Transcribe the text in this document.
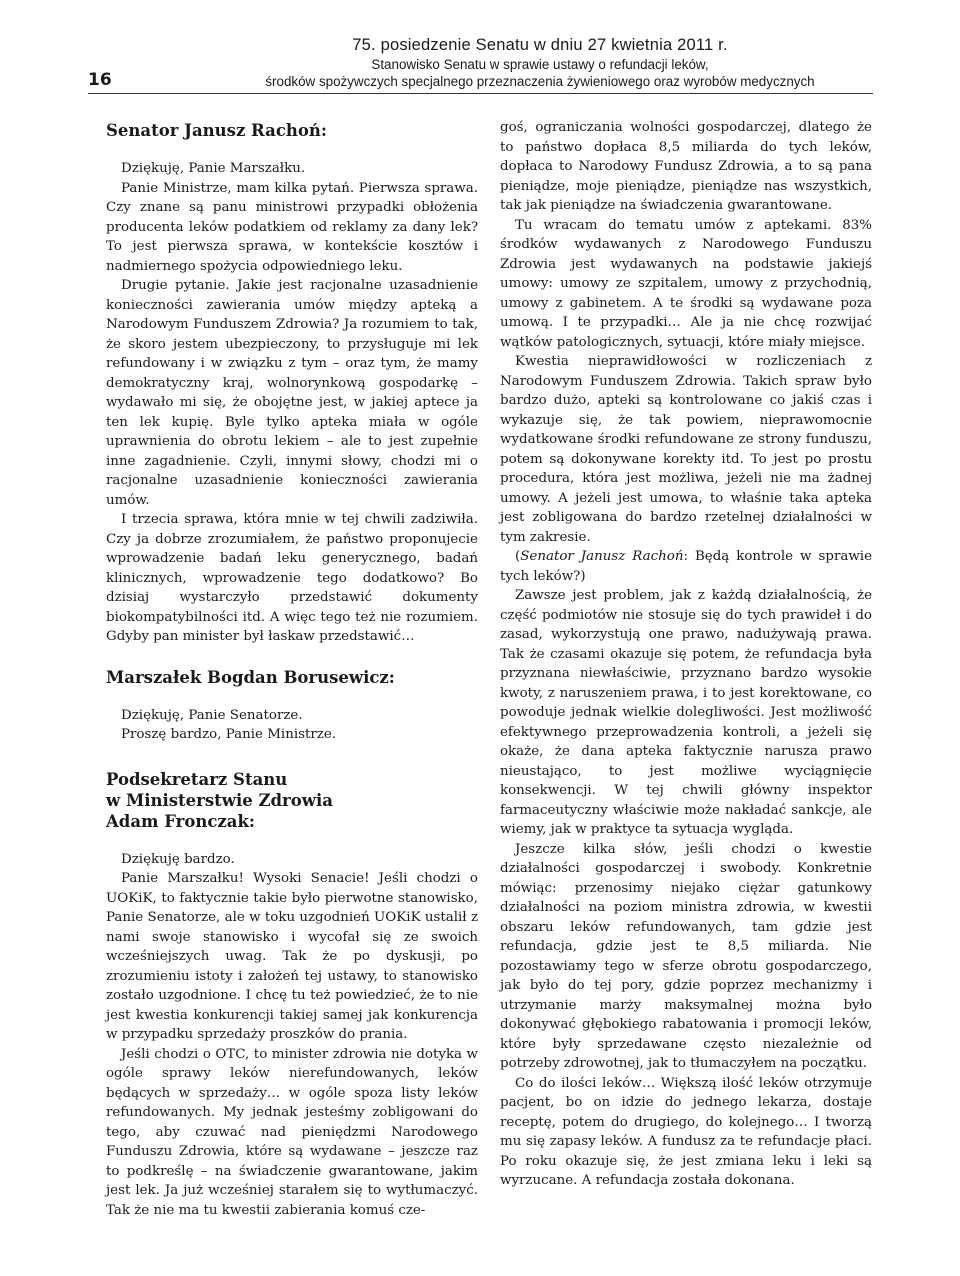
16
75. posiedzenie Senatu w dniu 27 kwietnia 2011 r.
Stanowisko Senatu w sprawie ustawy o refundacji leków,
środków spożywczych specjalnego przeznaczenia żywieniowego oraz wyrobów medycznych
Senator Janusz Rachoń:

Dziękuję, Panie Marszałku.

Panie Ministrze, mam kilka pytań. Pierwsza sprawa. Czy znane są panu ministrowi przypadki obłożenia producenta leków podatkiem od reklamy za dany lek? To jest pierwsza sprawa, w kontekście kosztów i nadmiernego spożycia odpowiedniego leku.

Drugie pytanie. Jakie jest racjonalne uzasadnienie konieczności zawierania umów między apteką a Narodowym Funduszem Zdrowia? Ja rozumiem to tak, że skoro jestem ubezpieczony, to przysługuje mi lek refundowany i w związku z tym – oraz tym, że mamy demokratyczny kraj, wolnorynkową gospodarkę – wydawało mi się, że obojętne jest, w jakiej aptece ja ten lek kupię. Byle tylko apteka miała w ogóle uprawnienia do obrotu lekiem – ale to jest zupełnie inne zagadnienie. Czyli, innymi słowy, chodzi mi o racjonalne uzasadnienie konieczności zawierania umów.

I trzecia sprawa, która mnie w tej chwili zadziwiła. Czy ja dobrze zrozumiałem, że państwo proponujecie wprowadzenie badań leku generycznego, badań klinicznych, wprowadzenie tego dodatkowo? Bo dzisiaj wystarczyło przedstawić dokumenty biokompatybilności itd. A więc tego też nie rozumiem. Gdyby pan minister był łaskaw przedstawić…

Marszałek Bogdan Borusewicz:

Dziękuję, Panie Senatorze.

Proszę bardzo, Panie Ministrze.

Podsekretarz Stanu
w Ministerstwie Zdrowia
Adam Fronczak:

Dziękuję bardzo.

Panie Marszałku! Wysoki Senacie! Jeśli chodzi o UOKiK, to faktycznie takie było pierwotne stanowisko, Panie Senatorze, ale w toku uzgodnień UOKiK ustalił z nami swoje stanowisko i wycofał się ze swoich wcześniejszych uwag. Tak że po dyskusji, po zrozumieniu istoty i założeń tej ustawy, to stanowisko zostało uzgodnione. I chcę tu też powiedzieć, że to nie jest kwestia konkurencji takiej samej jak konkurencja w przypadku sprzedaży proszków do prania.

Jeśli chodzi o OTC, to minister zdrowia nie dotyka w ogóle sprawy leków nierefundowanych, leków będących w sprzedaży… w ogóle spoza listy leków refundowanych. My jednak jesteśmy zobligowani do tego, aby czuwać nad pieniędzmi Narodowego Funduszu Zdrowia, które są wydawane – jeszcze raz to podkreślę – na świadczenie gwarantowane, jakim jest lek. Ja już wcześniej starałem się to wytłumaczyć. Tak że nie ma tu kwestii zabierania komuś cze-

goś, ograniczania wolności gospodarczej, dlatego że to państwo dopłaca 8,5 miliarda do tych leków, dopłaca to Narodowy Fundusz Zdrowia, a to są pana pieniądze, moje pieniądze, pieniądze nas wszystkich, tak jak pieniądze na świadczenia gwarantowane.

Tu wracam do tematu umów z aptekami. 83% środków wydawanych z Narodowego Funduszu Zdrowia jest wydawanych na podstawie jakiejś umowy: umowy ze szpitalem, umowy z przychodnią, umowy z gabinetem. A te środki są wydawane poza umową. I te przypadki… Ale ja nie chcę rozwijać wątków patologicznych, sytuacji, które miały miejsce.

Kwestia nieprawidłowości w rozliczeniach z Narodowym Funduszem Zdrowia. Takich spraw było bardzo dużo, apteki są kontrolowane co jakiś czas i wykazuje się, że tak powiem, nieprawomocnie wydatkowane środki refundowane ze strony funduszu, potem są dokonywane korekty itd. To jest po prostu procedura, która jest możliwa, jeżeli nie ma żadnej umowy. A jeżeli jest umowa, to właśnie taka apteka jest zobligowana do bardzo rzetelnej działalności w tym zakresie.

(Senator Janusz Rachoń: Będą kontrole w sprawie tych leków?)

Zawsze jest problem, jak z każdą działalnością, że część podmiotów nie stosuje się do tych prawideł i do zasad, wykorzystują one prawo, nadużywają prawa. Tak że czasami okazuje się potem, że refundacja była przyznana niewłaściwie, przyznano bardzo wysokie kwoty, z naruszeniem prawa, i to jest korektowane, co powoduje jednak wielkie dolegliwości. Jest możliwość efektywnego przeprowadzenia kontroli, a jeżeli się okaże, że dana apteka faktycznie narusza prawo nieustająco, to jest możliwe wyciągnięcie konsekwencji. W tej chwili główny inspektor farmaceutyczny właściwie może nakładać sankcje, ale wiemy, jak w praktyce ta sytuacja wygląda.

Jeszcze kilka słów, jeśli chodzi o kwestie działalności gospodarczej i swobody. Konkretnie mówiąc: przenosimy niejako ciężar gatunkowy działalności na poziom ministra zdrowia, w kwestii obszaru leków refundowanych, tam gdzie jest refundacja, gdzie jest te 8,5 miliarda. Nie pozostawiamy tego w sferze obrotu gospodarczego, jak było do tej pory, gdzie poprzez mechanizmy i utrzymanie marży maksymalnej można było dokonywać głębokiego rabatowania i promocji leków, które były sprzedawane często niezależnie od potrzeby zdrowotnej, jak to tłumaczyłem na początku.

Co do ilości leków… Większą ilość leków otrzymuje pacjent, bo on idzie do jednego lekarza, dostaje receptę, potem do drugiego, do kolejnego… I tworzą mu się zapasy leków. A fundusz za te refundacje płaci. Po roku okazuje się, że jest zmiana leku i leki są wyrzucane. A refundacja została dokonana.
